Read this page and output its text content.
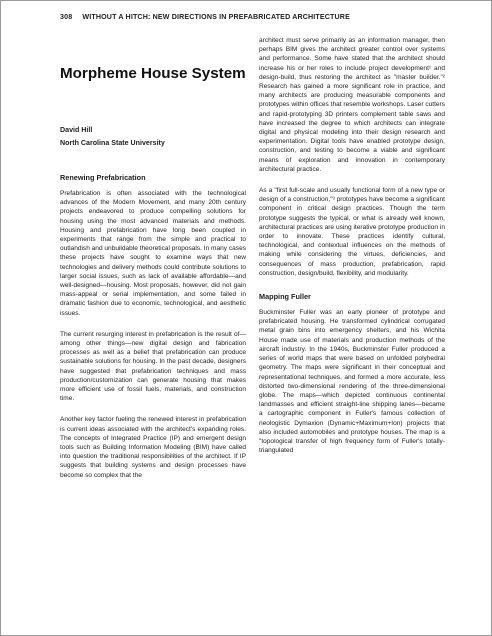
308 WITHOUT A HITCH: NEW DIRECTIONS IN PREFABRICATED ARCHITECTURE
Morpheme House System
David Hill
North Carolina State University
Renewing Prefabrication

Prefabrication is often associated with the technological advances of the Modern Movement, and many 20th century projects endeavored to produce compelling solutions for housing using the most advanced materials and methods. Housing and prefabrication have long been coupled in experiments that range from the simple and practical to outlandish and unbuildable theoretical proposals. In many cases these projects have sought to examine ways that new technologies and delivery methods could contribute solutions to larger social issues, such as lack of available affordable—and well-designed—housing. Most proposals, however, did not gain mass-appeal or serial implementation, and some failed in dramatic fashion due to economic, technological, and aesthetic issues.

The current resurging interest in prefabrication is the result of—among other things—new digital design and fabrication processes as well as a belief that prefabrication can produce sustainable solutions for housing. In the past decade, designers have suggested that prefabrication techniques and mass production/customization can generate housing that makes more efficient use of fossil fuels, materials, and construction time.

Another key factor fueling the renewed interest in prefabrication is current ideas associated with the architect's expanding roles. The concepts of Integrated Practice (IP) and emergent design tools such as Building Information Modeling (BIM) have called into question the traditional responsibilities of the architect. If IP suggests that building systems and design processes have become so complex that the

architect must serve primarily as an information manager, then perhaps BIM gives the architect greater control over systems and performance. Some have stated that the architect should increase his or her roles to include project development¹ and design-build, thus restoring the architect as "master builder."² Research has gained a more significant role in practice, and many architects are producing measurable components and prototypes within offices that resemble workshops. Laser cutters and rapid-prototyping 3D printers complement table saws and have increased the degree to which architects can integrate digital and physical modeling into their design research and experimentation. Digital tools have enabled prototype design, construction, and testing to become a viable and significant means of exploration and innovation in contemporary architectural practice.

As a "first full-scale and usually functional form of a new type or design of a construction,"³ prototypes have become a significant component in critical design practices. Though the term prototype suggests the typical, or what is already well known, architectural practices are using iterative prototype production in order to innovate. These practices identify cultural, technological, and contextual influences on the methods of making while considering the virtues, deficiencies, and consequences of mass production, prefabrication, rapid construction, design/build, flexibility, and modularity.

Mapping Fuller

Buckminster Fuller was an early pioneer of prototype and prefabricated housing. He transformed cylindrical corrugated metal grain bins into emergency shelters, and his Wichita House made use of materials and production methods of the aircraft industry. In the 1940s, Buckminster Fuller produced a series of world maps that were based on unfolded polyhedral geometry. The maps were significant in their conceptual and representational techniques, and formed a more accurate, less distorted two-dimensional rendering of the three-dimensional globe. The maps—which depicted continuous continental landmasses and efficient straight-line shipping lanes—became a cartographic component in Fuller's famous collection of neologistic Dymaxion (Dynamic+Maximum+Ion) projects that also included automobiles and prototype houses. The map is a "topological transfer of high frequency form of Fuller's totally-triangulated
